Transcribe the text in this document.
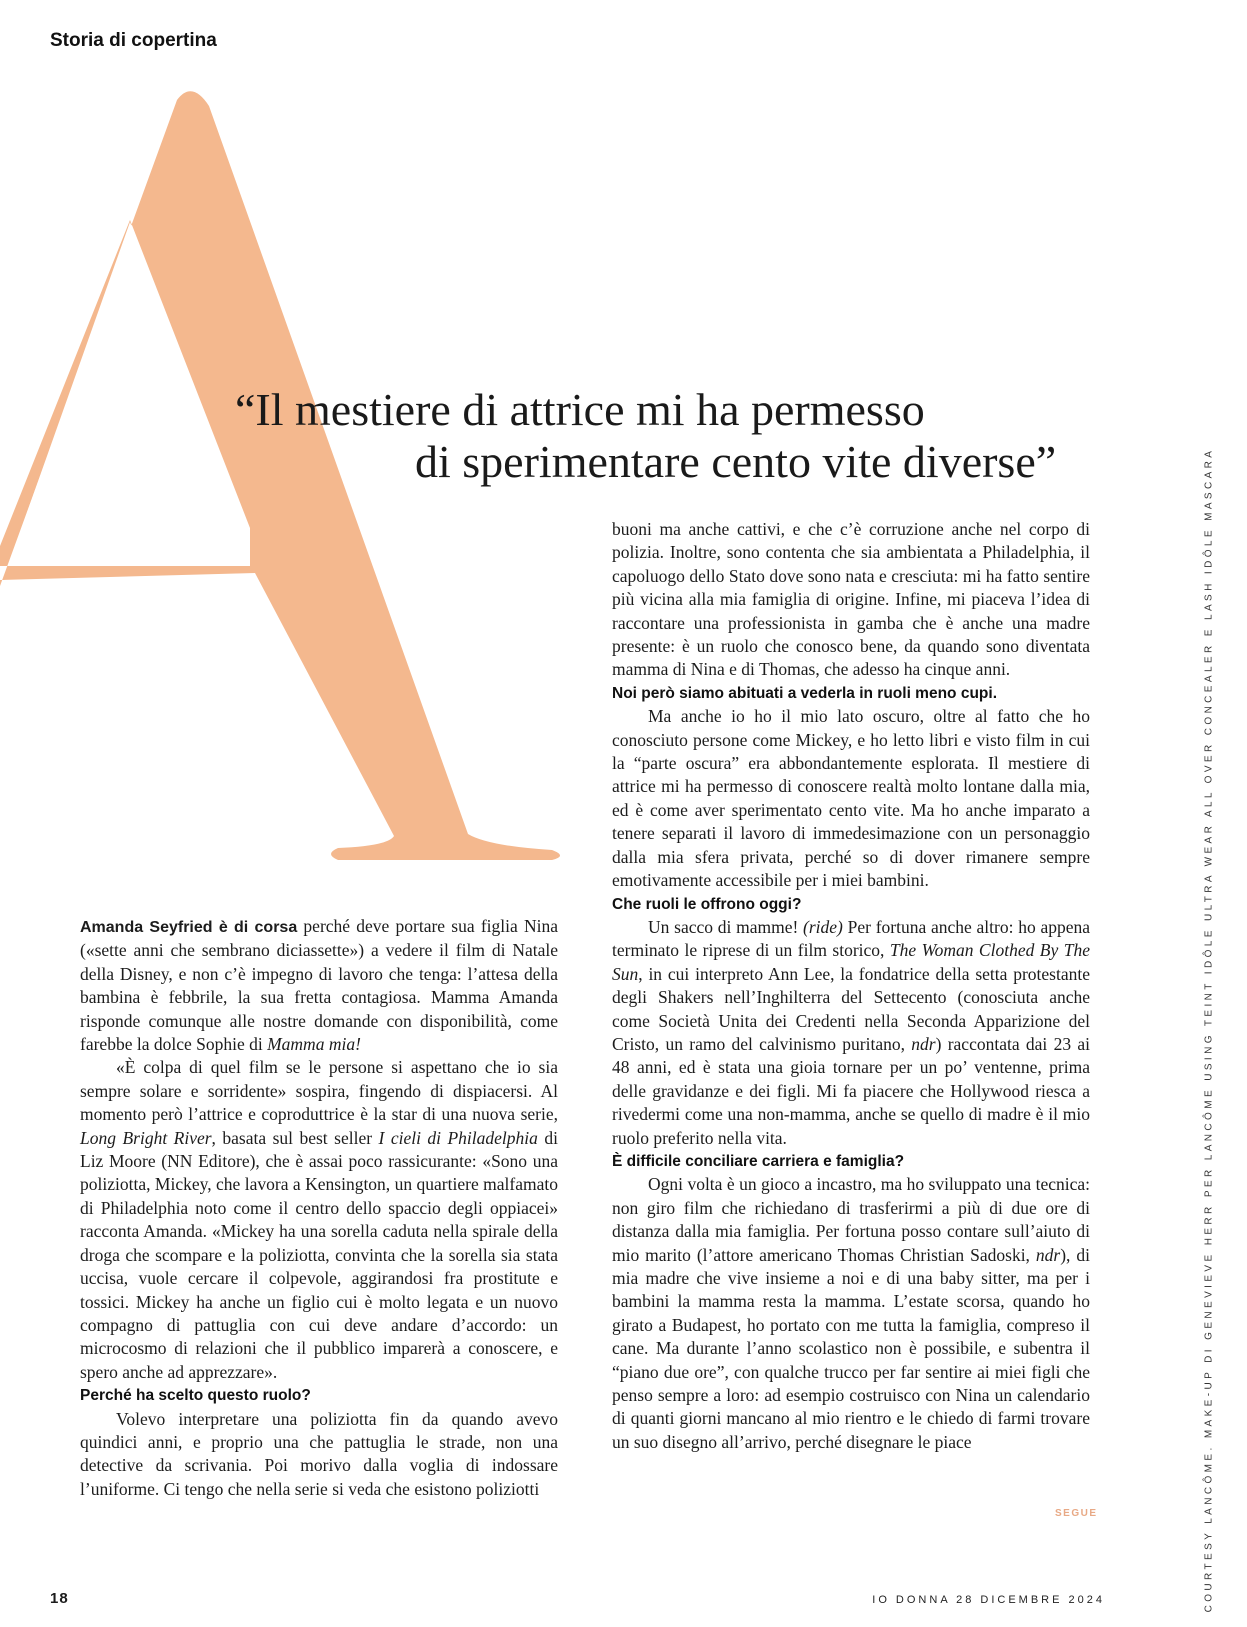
Storia di copertina
“Il mestiere di attrice mi ha permesso
di sperimentare cento vite diverse”

Amanda Seyfried è di corsa perché deve portare sua figlia Nina («sette anni che sembrano diciassette») a vedere il film di Natale della Disney, e non c’è impegno di lavoro che tenga: l’attesa della bambina è febbrile, la sua fretta contagiosa. Mamma Amanda risponde comunque alle nostre domande con disponibilità, come farebbe la dolce Sophie di Mamma mia!

«È colpa di quel film se le persone si aspettano che io sia sempre solare e sorridente» sospira, fingendo di dispiacersi. Al momento però l’attrice e coproduttrice è la star di una nuova serie, Long Bright River, basata sul best seller I cieli di Philadelphia di Liz Moore (NN Editore), che è assai poco rassicurante: «Sono una poliziotta, Mickey, che lavora a Kensington, un quartiere malfamato di Philadelphia noto come il centro dello spaccio degli oppiacei» racconta Amanda. «Mickey ha una sorella caduta nella spirale della droga che scompare e la poliziotta, convinta che la sorella sia stata uccisa, vuole cercare il colpevole, aggirandosi fra prostitute e tossici. Mickey ha anche un figlio cui è molto legata e un nuovo compagno di pattuglia con cui deve andare d’accordo: un microcosmo di relazioni che il pubblico imparerà a conoscere, e spero anche ad apprezzare».

Perché ha scelto questo ruolo?

Volevo interpretare una poliziotta fin da quando avevo quindici anni, e proprio una che pattuglia le strade, non una detective da scrivania. Poi morivo dalla voglia di indossare l’uniforme. Ci tengo che nella serie si veda che esistono poliziotti

buoni ma anche cattivi, e che c’è corruzione anche nel corpo di polizia. Inoltre, sono contenta che sia ambientata a Philadelphia, il capoluogo dello Stato dove sono nata e cresciuta: mi ha fatto sentire più vicina alla mia famiglia di origine. Infine, mi piaceva l’idea di raccontare una professionista in gamba che è anche una madre presente: è un ruolo che conosco bene, da quando sono diventata mamma di Nina e di Thomas, che adesso ha cinque anni.

Noi però siamo abituati a vederla in ruoli meno cupi.

Ma anche io ho il mio lato oscuro, oltre al fatto che ho conosciuto persone come Mickey, e ho letto libri e visto film in cui la “parte oscura” era abbondantemente esplorata. Il mestiere di attrice mi ha permesso di conoscere realtà molto lontane dalla mia, ed è come aver sperimentato cento vite. Ma ho anche imparato a tenere separati il lavoro di immedesimazione con un personaggio dalla mia sfera privata, perché so di dover rimanere sempre emotivamente accessibile per i miei bambini.

Che ruoli le offrono oggi?

Un sacco di mamme! (ride) Per fortuna anche altro: ho appena terminato le riprese di un film storico, The Woman Clothed By The Sun, in cui interpreto Ann Lee, la fondatrice della setta protestante degli Shakers nell’Inghilterra del Settecento (conosciuta anche come Società Unita dei Credenti nella Seconda Apparizione del Cristo, un ramo del calvinismo puritano, ndr) raccontata dai 23 ai 48 anni, ed è stata una gioia tornare per un po’ ventenne, prima delle gravidanze e dei figli. Mi fa piacere che Hollywood riesca a rivedermi come una non-mamma, anche se quello di madre è il mio ruolo preferito nella vita.

È difficile conciliare carriera e famiglia?

Ogni volta è un gioco a incastro, ma ho sviluppato una tecnica: non giro film che richiedano di trasferirmi a più di due ore di distanza dalla mia famiglia. Per fortuna posso contare sull’aiuto di mio marito (l’attore americano Thomas Christian Sadoski, ndr), di mia madre che vive insieme a noi e di una baby sitter, ma per i bambini la mamma resta la mamma. L’estate scorsa, quando ho girato a Budapest, ho portato con me tutta la famiglia, compreso il cane. Ma durante l’anno scolastico non è possibile, e subentra il “piano due ore”, con qualche trucco per far sentire ai miei figli che penso sempre a loro: ad esempio costruisco con Nina un calendario di quanti giorni mancano al mio rientro e le chiedo di farmi trovare un suo disegno all’arrivo, perché disegnare le piace

SEGUE
18	IO DONNA 28 DICEMBRE 2024	COURTESY LANCÔME. MAKE-UP DI GENEVIEVE HERR PER LANCÔME USING TEINT IDÔLE ULTRA WEAR ALL OVER CONCEALER E LASH IDÔLE MASCARA
